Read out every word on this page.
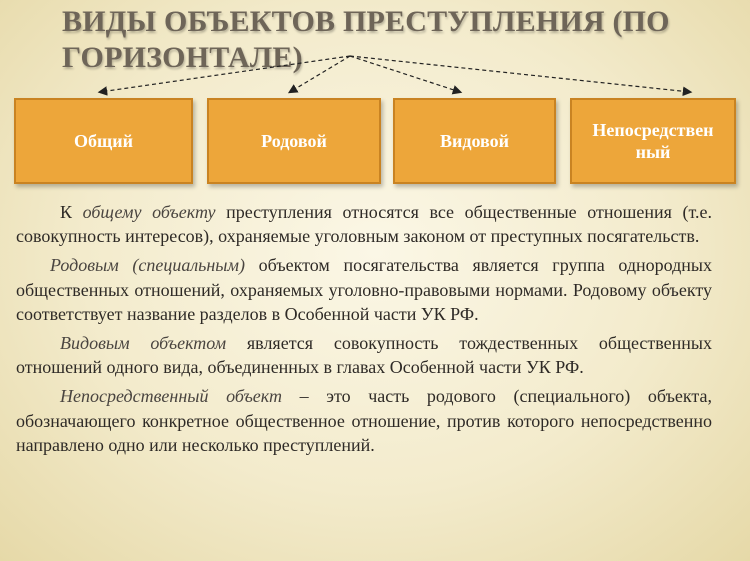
ВИДЫ ОБЪЕКТОВ ПРЕСТУПЛЕНИЯ (ПО ГОРИЗОНТАЛЕ)
Общий	Родовой	Видовой
Непосредствен ный

К общему объекту преступления относятся все общественные отношения (т.е. совокупность интересов), охраняемые уголовным законом от преступных посягательств.

Родовым (специальным) объектом посягательства является группа однородных общественных отношений, охраняемых уголовно-правовыми нормами. Родовому объекту соответствует название разделов в Особенной части УК РФ.

Видовым объектом является совокупность тождественных общественных отношений одного вида, объединенных в главах Особенной части УК РФ.

Непосредственный объект – это часть родового (специального) объекта, обозначающего конкретное общественное отношение, против которого непосредственно направлено одно или несколько преступлений.
